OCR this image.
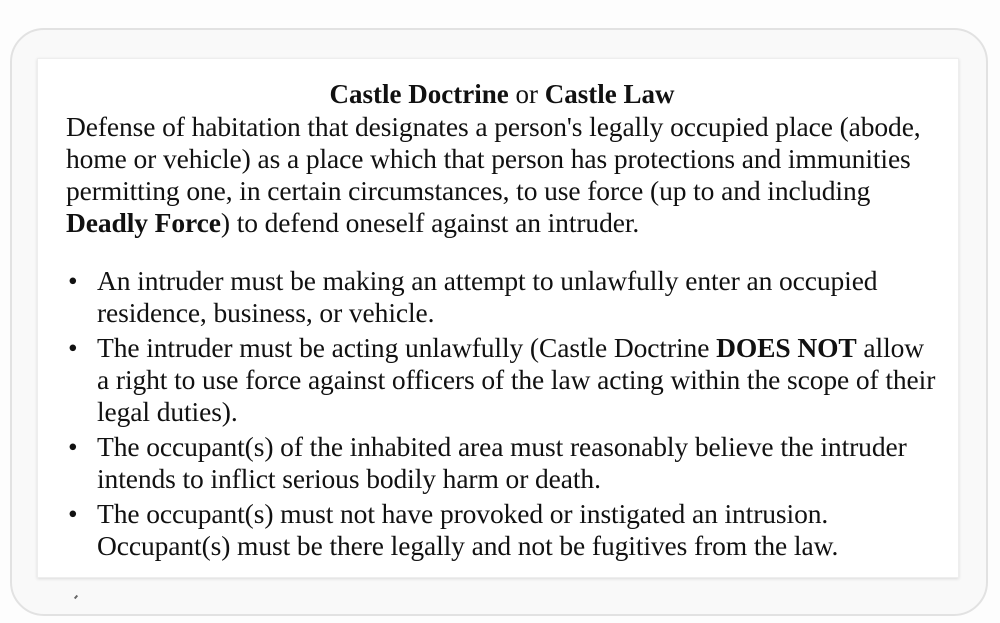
Castle Doctrine or Castle Law

Defense of habitation that designates a person's legally occupied place (abode, home or vehicle) as a place which that person has protections and immunities permitting one, in certain circumstances, to use force (up to and including Deadly Force) to defend oneself against an intruder.

• An intruder must be making an attempt to unlawfully enter an occupied residence, business, or vehicle.
• The intruder must be acting unlawfully (Castle Doctrine DOES NOT allow a right to use force against officers of the law acting within the scope of their legal duties).
• The occupant(s) of the inhabited area must reasonably believe the intruder intends to inflict serious bodily harm or death.
• The occupant(s) must not have provoked or instigated an intrusion. Occupant(s) must be there legally and not be fugitives from the law.
